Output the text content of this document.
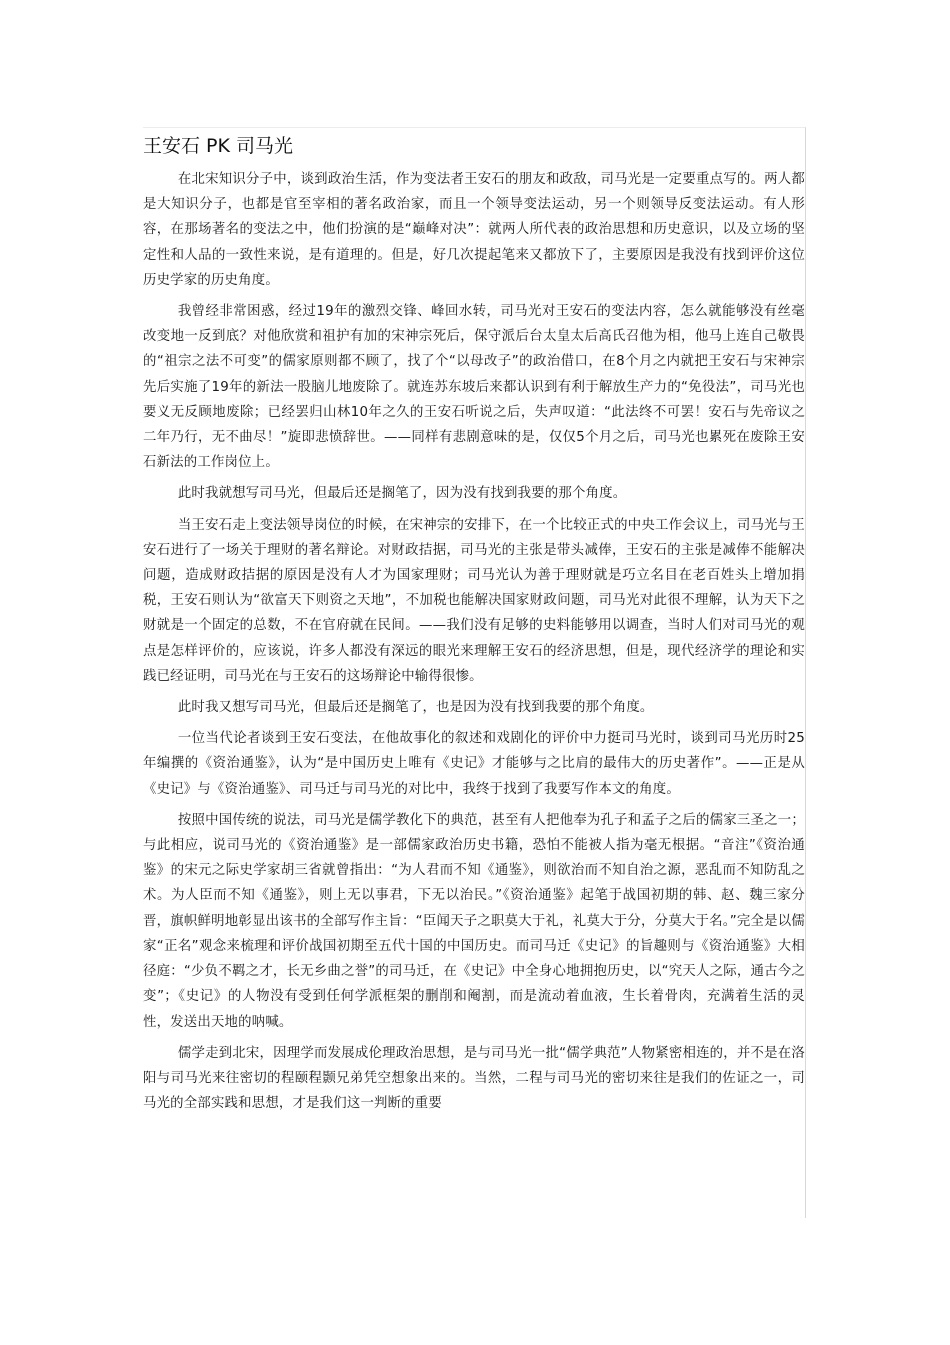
王安石 PK 司马光

在北宋知识分子中，谈到政治生活，作为变法者王安石的朋友和政敌，司马光是一定要重点写的。两人都是大知识分子，也都是官至宰相的著名政治家，而且一个领导变法运动，另一个则领导反变法运动。有人形容，在那场著名的变法之中，他们扮演的是“巅峰对决”：就两人所代表的政治思想和历史意识，以及立场的坚定性和人品的一致性来说，是有道理的。但是，好几次提起笔来又都放下了，主要原因是我没有找到评价这位历史学家的历史角度。

我曾经非常困惑，经过19年的激烈交锋、峰回水转，司马光对王安石的变法内容，怎么就能够没有丝毫改变地一反到底？对他欣赏和祖护有加的宋神宗死后，保守派后台太皇太后高氏召他为相，他马上连自己敬畏的“祖宗之法不可变”的儒家原则都不顾了，找了个“以母改子”的政治借口，在8个月之内就把王安石与宋神宗先后实施了19年的新法一股脑儿地废除了。就连苏东坡后来都认识到有利于解放生产力的“免役法”，司马光也要义无反顾地废除；已经罢归山林10年之久的王安石听说之后，失声叹道：“此法终不可罢！安石与先帝议之二年乃行，无不曲尽！”旋即悲愤辞世。——同样有悲剧意味的是，仅仅5个月之后，司马光也累死在废除王安石新法的工作岗位上。

此时我就想写司马光，但最后还是搁笔了，因为没有找到我要的那个角度。

当王安石走上变法领导岗位的时候，在宋神宗的安排下，在一个比较正式的中央工作会议上，司马光与王安石进行了一场关于理财的著名辩论。对财政拮据，司马光的主张是带头减俸，王安石的主张是减俸不能解决问题，造成财政拮据的原因是没有人才为国家理财；司马光认为善于理财就是巧立名目在老百姓头上增加捐税，王安石则认为“欲富天下则资之天地”，不加税也能解决国家财政问题，司马光对此很不理解，认为天下之财就是一个固定的总数，不在官府就在民间。——我们没有足够的史料能够用以调查，当时人们对司马光的观点是怎样评价的，应该说，许多人都没有深远的眼光来理解王安石的经济思想，但是，现代经济学的理论和实践已经证明，司马光在与王安石的这场辩论中输得很惨。

此时我又想写司马光，但最后还是搁笔了，也是因为没有找到我要的那个角度。

一位当代论者谈到王安石变法，在他故事化的叙述和戏剧化的评价中力挺司马光时，谈到司马光历时25年编撰的《资治通鉴》，认为“是中国历史上唯有《史记》才能够与之比肩的最伟大的历史著作”。——正是从《史记》与《资治通鉴》、司马迁与司马光的对比中，我终于找到了我要写作本文的角度。

按照中国传统的说法，司马光是儒学教化下的典范，甚至有人把他奉为孔子和孟子之后的儒家三圣之一；与此相应，说司马光的《资治通鉴》是一部儒家政治历史书籍，恐怕不能被人指为毫无根据。“音注”《资治通鉴》的宋元之际史学家胡三省就曾指出：“为人君而不知《通鉴》，则欲治而不知自治之源，恶乱而不知防乱之术。为人臣而不知《通鉴》，则上无以事君，下无以治民。”《资治通鉴》起笔于战国初期的韩、赵、魏三家分晋，旗帜鲜明地彰显出该书的全部写作主旨：“臣闻天子之职莫大于礼，礼莫大于分，分莫大于名。”完全是以儒家“正名”观念来梳理和评价战国初期至五代十国的中国历史。而司马迁《史记》的旨趣则与《资治通鉴》大相径庭：“少负不羁之才，长无乡曲之誉”的司马迁，在《史记》中全身心地拥抱历史，以“究天人之际，通古今之变”；《史记》的人物没有受到任何学派框架的删削和阉割，而是流动着血液，生长着骨肉，充满着生活的灵性，发送出天地的呐喊。

儒学走到北宋，因理学而发展成伦理政治思想，是与司马光一批“儒学典范”人物紧密相连的，并不是在洛阳与司马光来往密切的程颐程颢兄弟凭空想象出来的。当然，二程与司马光的密切来往是我们的佐证之一，司马光的全部实践和思想，才是我们这一判断的重要
